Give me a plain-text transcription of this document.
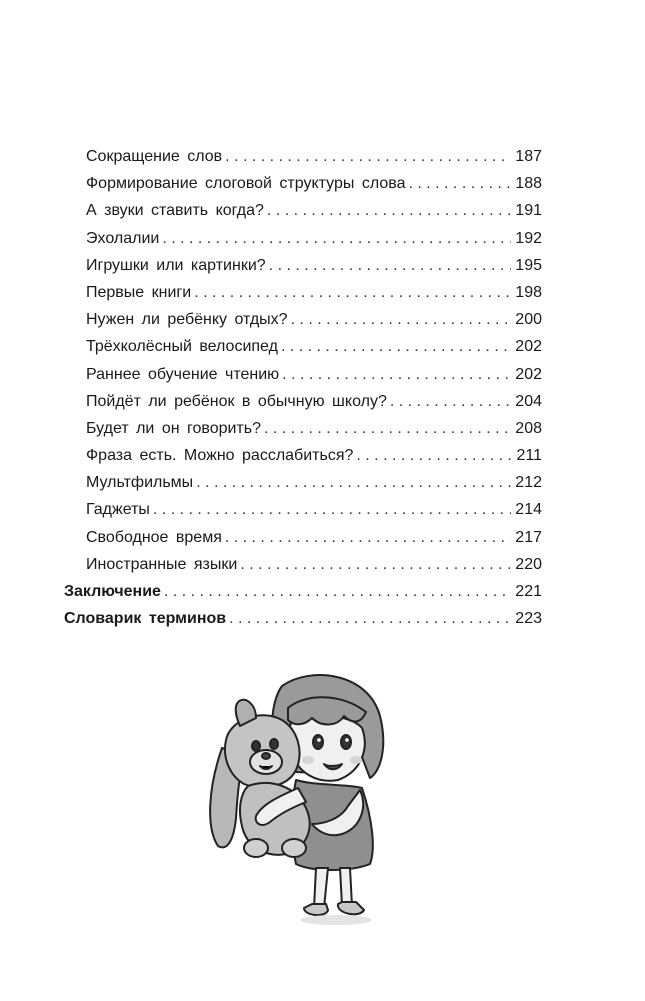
Сокращение слов . . .	187
Формирование слоговой структуры слова . . .	188
А звуки ставить когда? . . .	191
Эхолалии . . .	192
Игрушки или картинки? . . .	195
Первые книги . . .	198
Нужен ли ребёнку отдых? . . .	200
Трёхколёсный велосипед . . .	202
Раннее обучение чтению . . .	202
Пойдёт ли ребёнок в обычную школу? . . .	204
Будет ли он говорить? . . .	208
Фраза есть. Можно расслабиться? . . .	211
Мультфильмы . . .	212
Гаджеты . . .	214
Свободное время . . .	217
Иностранные языки . . .	220
Заключение . . .	221
Словарик терминов . . .	223
